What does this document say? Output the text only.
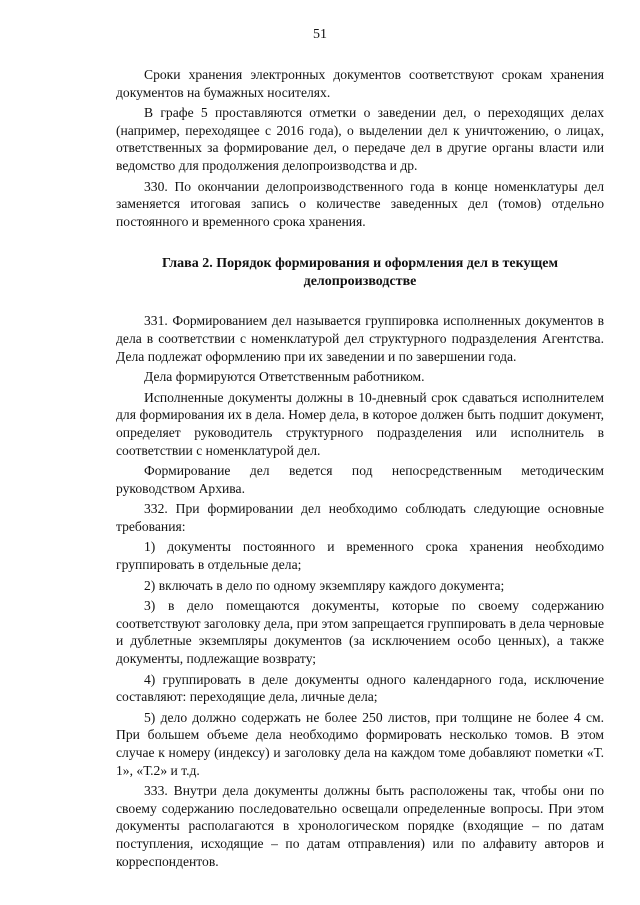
51

Сроки хранения электронных документов соответствуют срокам хранения документов на бумажных носителях.

В графе 5 проставляются отметки о заведении дел, о переходящих делах (например, переходящее с 2016 года), о выделении дел к уничтожению, о лицах, ответственных за формирование дел, о передаче дел в другие органы власти или ведомство для продолжения делопроизводства и др.

330. По окончании делопроизводственного года в конце номенклатуры дел заменяется итоговая запись о количестве заведенных дел (томов) отдельно постоянного и временного срока хранения.

Глава 2. Порядок формирования и оформления дел в текущем делопроизводстве

331. Формированием дел называется группировка исполненных документов в дела в соответствии с номенклатурой дел структурного подразделения Агентства. Дела подлежат оформлению при их заведении и по завершении года.

Дела формируются Ответственным работником.

Исполненные документы должны в 10-дневный срок сдаваться исполнителем для формирования их в дела. Номер дела, в которое должен быть подшит документ, определяет руководитель структурного подразделения или исполнитель в соответствии с номенклатурой дел.

Формирование дел ведется под непосредственным методическим руководством Архива.

332. При формировании дел необходимо соблюдать следующие основные требования:

1) документы постоянного и временного срока хранения необходимо группировать в отдельные дела;

2) включать в дело по одному экземпляру каждого документа;

3) в дело помещаются документы, которые по своему содержанию соответствуют заголовку дела, при этом запрещается группировать в дела черновые и дублетные экземпляры документов (за исключением особо ценных), а также документы, подлежащие возврату;

4) группировать в деле документы одного календарного года, исключение составляют: переходящие дела, личные дела;

5) дело должно содержать не более 250 листов, при толщине не более 4 см. При большем объеме дела необходимо формировать несколько томов. В этом случае к номеру (индексу) и заголовку дела на каждом томе добавляют пометки «Т. 1», «Т.2» и т.д.

333. Внутри дела документы должны быть расположены так, чтобы они по своему содержанию последовательно освещали определенные вопросы. При этом документы располагаются в хронологическом порядке (входящие – по датам поступления, исходящие – по датам отправления) или по алфавиту авторов и корреспондентов.
